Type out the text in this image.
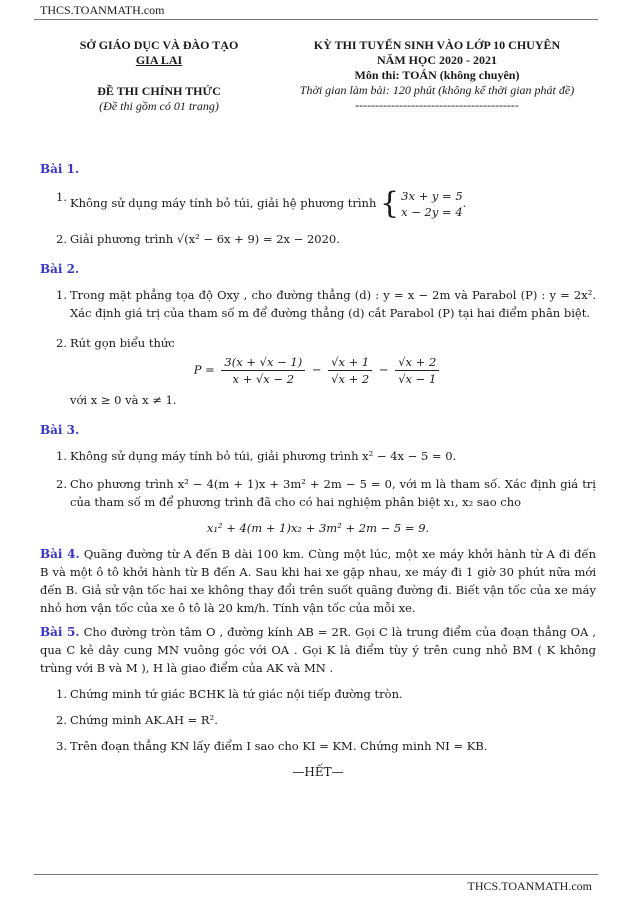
THCS.TOANMATH.com
SỞ GIÁO DỤC VÀ ĐÀO TẠO
GIA LAI
ĐỀ THI CHÍNH THỨC
(Đề thi gồm có 01 trang)
KỲ THI TUYỂN SINH VÀO LỚP 10 CHUYÊN
NĂM HỌC 2020 - 2021
Môn thi: TOÁN (không chuyên)
Thời gian làm bài: 120 phút (không kể thời gian phát đề)
-----------------------------------------
Bài 1.
1. Không sử dụng máy tính bỏ túi, giải hệ phương trình { 3x + y = 5
x − 2y = 4
.
2. Giải phương trình √(x² − 6x + 9) = 2x − 2020.
Bài 2.
1. Trong mặt phẳng tọa độ Oxy , cho đường thẳng (d) : y = x − 2m và Parabol (P) : y = 2x². Xác định giá trị của tham số m để đường thẳng (d) cắt Parabol (P) tại hai điểm phân biệt.
2. Rút gọn biểu thức
$P = \frac{3(x + √x - 1)}{x + √x - 2} - \frac{√x + 1}{√x + 2} - \frac{√x + 2}{√x - 1}$
với x ≥ 0 và x ≠ 1.
Bài 3.
1. Không sử dụng máy tính bỏ túi, giải phương trình x² − 4x − 5 = 0.
2. Cho phương trình x² − 4(m + 1)x + 3m² + 2m − 5 = 0, với m là tham số. Xác định giá trị của tham số m để phương trình đã cho có hai nghiệm phân biệt x₁, x₂ sao cho
x₁² + 4(m + 1)x₂ + 3m² + 2m − 5 = 9.
Bài 4. Quãng đường từ A đến B dài 100 km. Cùng một lúc, một xe máy khởi hành từ A đi đến B và một ô tô khởi hành từ B đến A. Sau khi hai xe gặp nhau, xe máy đi 1 giờ 30 phút nữa mới đến B. Giả sử vận tốc hai xe không thay đổi trên suốt quãng đường đi. Biết vận tốc của xe máy nhỏ hơn vận tốc của xe ô tô là 20 km/h. Tính vận tốc của mỗi xe.
Bài 5. Cho đường tròn tâm O , đường kính AB = 2R. Gọi C là trung điểm của đoạn thẳng OA , qua C kẻ dây cung MN vuông góc với OA . Gọi K là điểm tùy ý trên cung nhỏ BM ( K không trùng với B và M ), H là giao điểm của AK và MN .
1. Chứng minh tứ giác BCHK là tứ giác nội tiếp đường tròn.
2. Chứng minh AK.AH = R².
3. Trên đoạn thẳng KN lấy điểm I sao cho KI = KM. Chứng minh NI = KB.
—HẾT—
THCS.TOANMATH.com
